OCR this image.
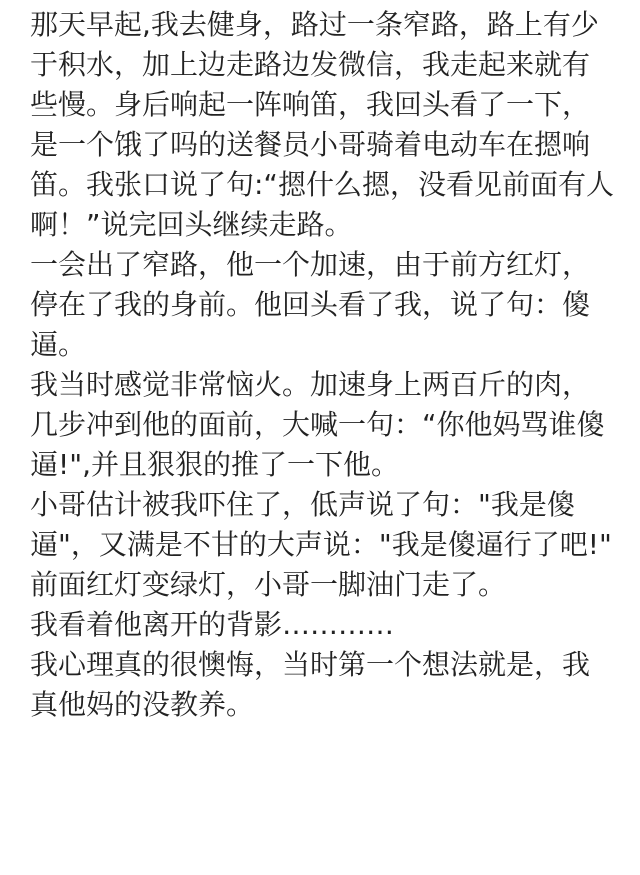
那天早起,我去健身，路过一条窄路，路上有少
于积水，加上边走路边发微信，我走起来就有
些慢。身后响起一阵响笛，我回头看了一下，
是一个饿了吗的送餐员小哥骑着电动车在摁响
笛。我张口说了句:“摁什么摁，没看见前面有人
啊！”说完回头继续走路。
一会出了窄路，他一个加速，由于前方红灯，
停在了我的身前。他回头看了我，说了句：傻
逼。
我当时感觉非常恼火。加速身上两百斤的肉，
几步冲到他的面前，大喊一句：“你他妈骂谁傻
逼!",并且狠狠的推了一下他。
小哥估计被我吓住了，低声说了句："我是傻
逼"，又满是不甘的大声说："我是傻逼行了吧!"
前面红灯变绿灯，小哥一脚油门走了。
我看着他离开的背影…………
我心理真的很懊悔，当时第一个想法就是，我
真他妈的没教养。
